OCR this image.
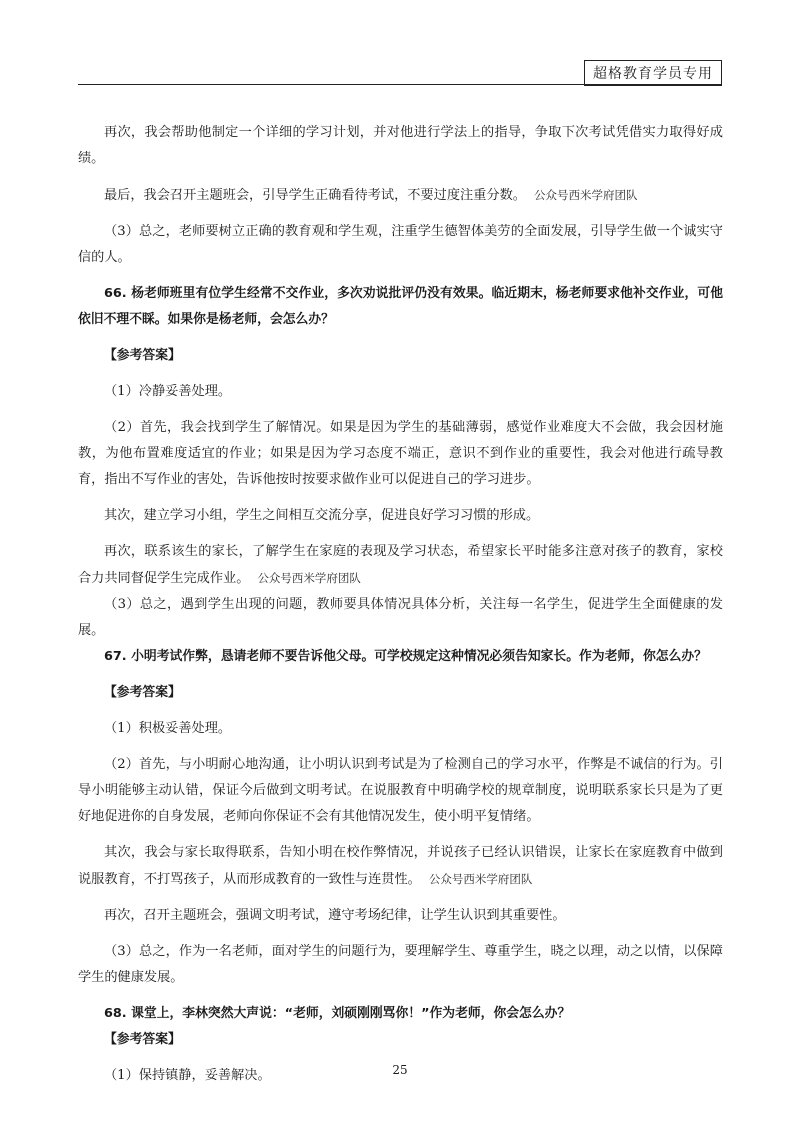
超格教育学员专用

再次，我会帮助他制定一个详细的学习计划，并对他进行学法上的指导，争取下次考试凭借实力取得好成绩。

最后，我会召开主题班会，引导学生正确看待考试，不要过度注重分数。 公众号西米学府团队

（3）总之，老师要树立正确的教育观和学生观，注重学生德智体美劳的全面发展，引导学生做一个诚实守信的人。

66. 杨老师班里有位学生经常不交作业，多次劝说批评仍没有效果。临近期末，杨老师要求他补交作业，可他依旧不理不睬。如果你是杨老师，会怎么办？

【参考答案】

（1）冷静妥善处理。

（2）首先，我会找到学生了解情况。如果是因为学生的基础薄弱，感觉作业难度大不会做，我会因材施教，为他布置难度适宜的作业；如果是因为学习态度不端正，意识不到作业的重要性，我会对他进行疏导教育，指出不写作业的害处，告诉他按时按要求做作业可以促进自己的学习进步。

其次，建立学习小组，学生之间相互交流分享，促进良好学习习惯的形成。

再次，联系该生的家长，了解学生在家庭的表现及学习状态，希望家长平时能多注意对孩子的教育，家校合力共同督促学生完成作业。 公众号西米学府团队

（3）总之，遇到学生出现的问题，教师要具体情况具体分析，关注每一名学生，促进学生全面健康的发展。

67. 小明考试作弊，恳请老师不要告诉他父母。可学校规定这种情况必须告知家长。作为老师，你怎么办？

【参考答案】

（1）积极妥善处理。

（2）首先，与小明耐心地沟通，让小明认识到考试是为了检测自己的学习水平，作弊是不诚信的行为。引导小明能够主动认错，保证今后做到文明考试。在说服教育中明确学校的规章制度，说明联系家长只是为了更好地促进你的自身发展，老师向你保证不会有其他情况发生，使小明平复情绪。

其次，我会与家长取得联系，告知小明在校作弊情况，并说孩子已经认识错误，让家长在家庭教育中做到说服教育，不打骂孩子，从而形成教育的一致性与连贯性。 公众号西米学府团队

再次，召开主题班会，强调文明考试，遵守考场纪律，让学生认识到其重要性。

（3）总之，作为一名老师，面对学生的问题行为，要理解学生、尊重学生，晓之以理，动之以情，以保障学生的健康发展。

68. 课堂上，李林突然大声说：“老师，刘硕刚刚骂你！”作为老师，你会怎么办？

【参考答案】

（1）保持镇静，妥善解决。	25
